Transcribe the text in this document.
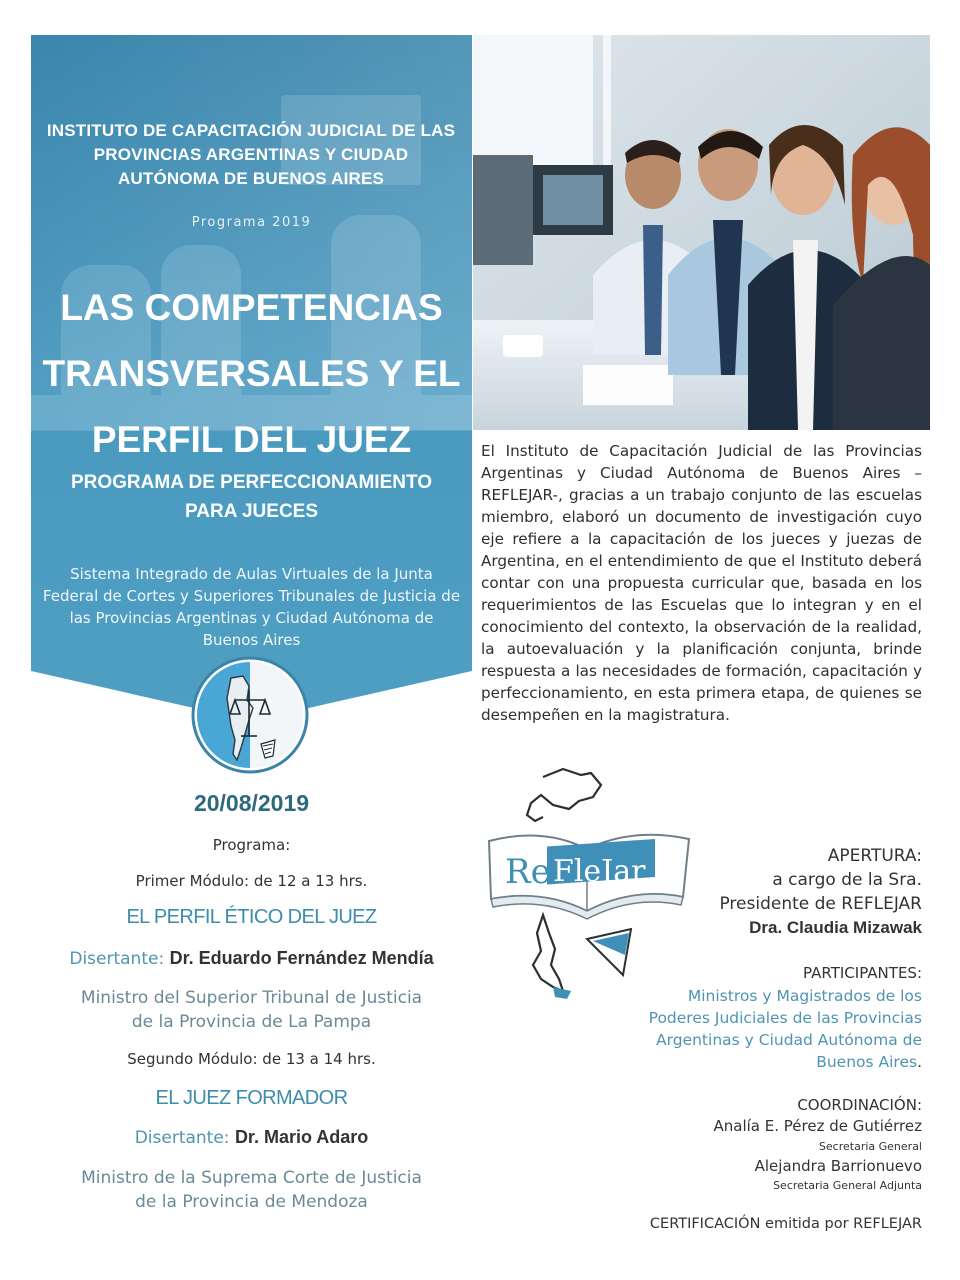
INSTITUTO DE CAPACITACIÓN JUDICIAL DE LAS PROVINCIAS ARGENTINAS Y CIUDAD AUTÓNOMA DE BUENOS AIRES
Programa 2019
LAS COMPETENCIAS
TRANSVERSALES Y EL
PERFIL DEL JUEZ
PROGRAMA DE PERFECCIONAMIENTO
PARA JUECES
Sistema Integrado de Aulas Virtuales de la Junta Federal de Cortes y Superiores Tribunales de Justicia de las Provincias Argentinas y Ciudad Autónoma de Buenos Aires
El Instituto de Capacitación Judicial de las Provincias Argentinas y Ciudad Autónoma de Buenos Aires – REFLEJAR-, gracias a un trabajo conjunto de las escuelas miembro, elaboró un documento de investigación cuyo eje refiere a la capacitación de los jueces y juezas de Argentina, en el entendimiento de que el Instituto deberá contar con una propuesta curricular que, basada en los requerimientos de las Escuelas que lo integran y en el conocimiento del contexto, la observación de la realidad, la autoevaluación y la planificación conjunta, brinde respuesta a las necesidades de formación, capacitación y perfeccionamiento, en esta primera etapa, de quienes se desempeñen en la magistratura.
20/08/2019
Programa:
Primer Módulo: de 12 a 13 hrs.
EL PERFIL ÉTICO DEL JUEZ
Disertante: Dr. Eduardo Fernández Mendía
Ministro del Superior Tribunal de Justicia
de la Provincia de La Pampa
Segundo Módulo: de 13 a 14 hrs.
EL JUEZ FORMADOR
Disertante: Dr. Mario Adaro
Ministro de la Suprema Corte de Justicia
de la Provincia de Mendoza
Re FleJar	APERTURA:
a cargo de la Sra.
Presidente de REFLEJAR
Dra. Claudia Mizawak
PARTICIPANTES:
Ministros y Magistrados de los
Poderes Judiciales de las Provincias
Argentinas y Ciudad Autónoma de
Buenos Aires.
COORDINACIÓN:
Analía E. Pérez de Gutiérrez
Secretaria General
Alejandra Barrionuevo
Secretaria General Adjunta
CERTIFICACIÓN emitida por REFLEJAR
